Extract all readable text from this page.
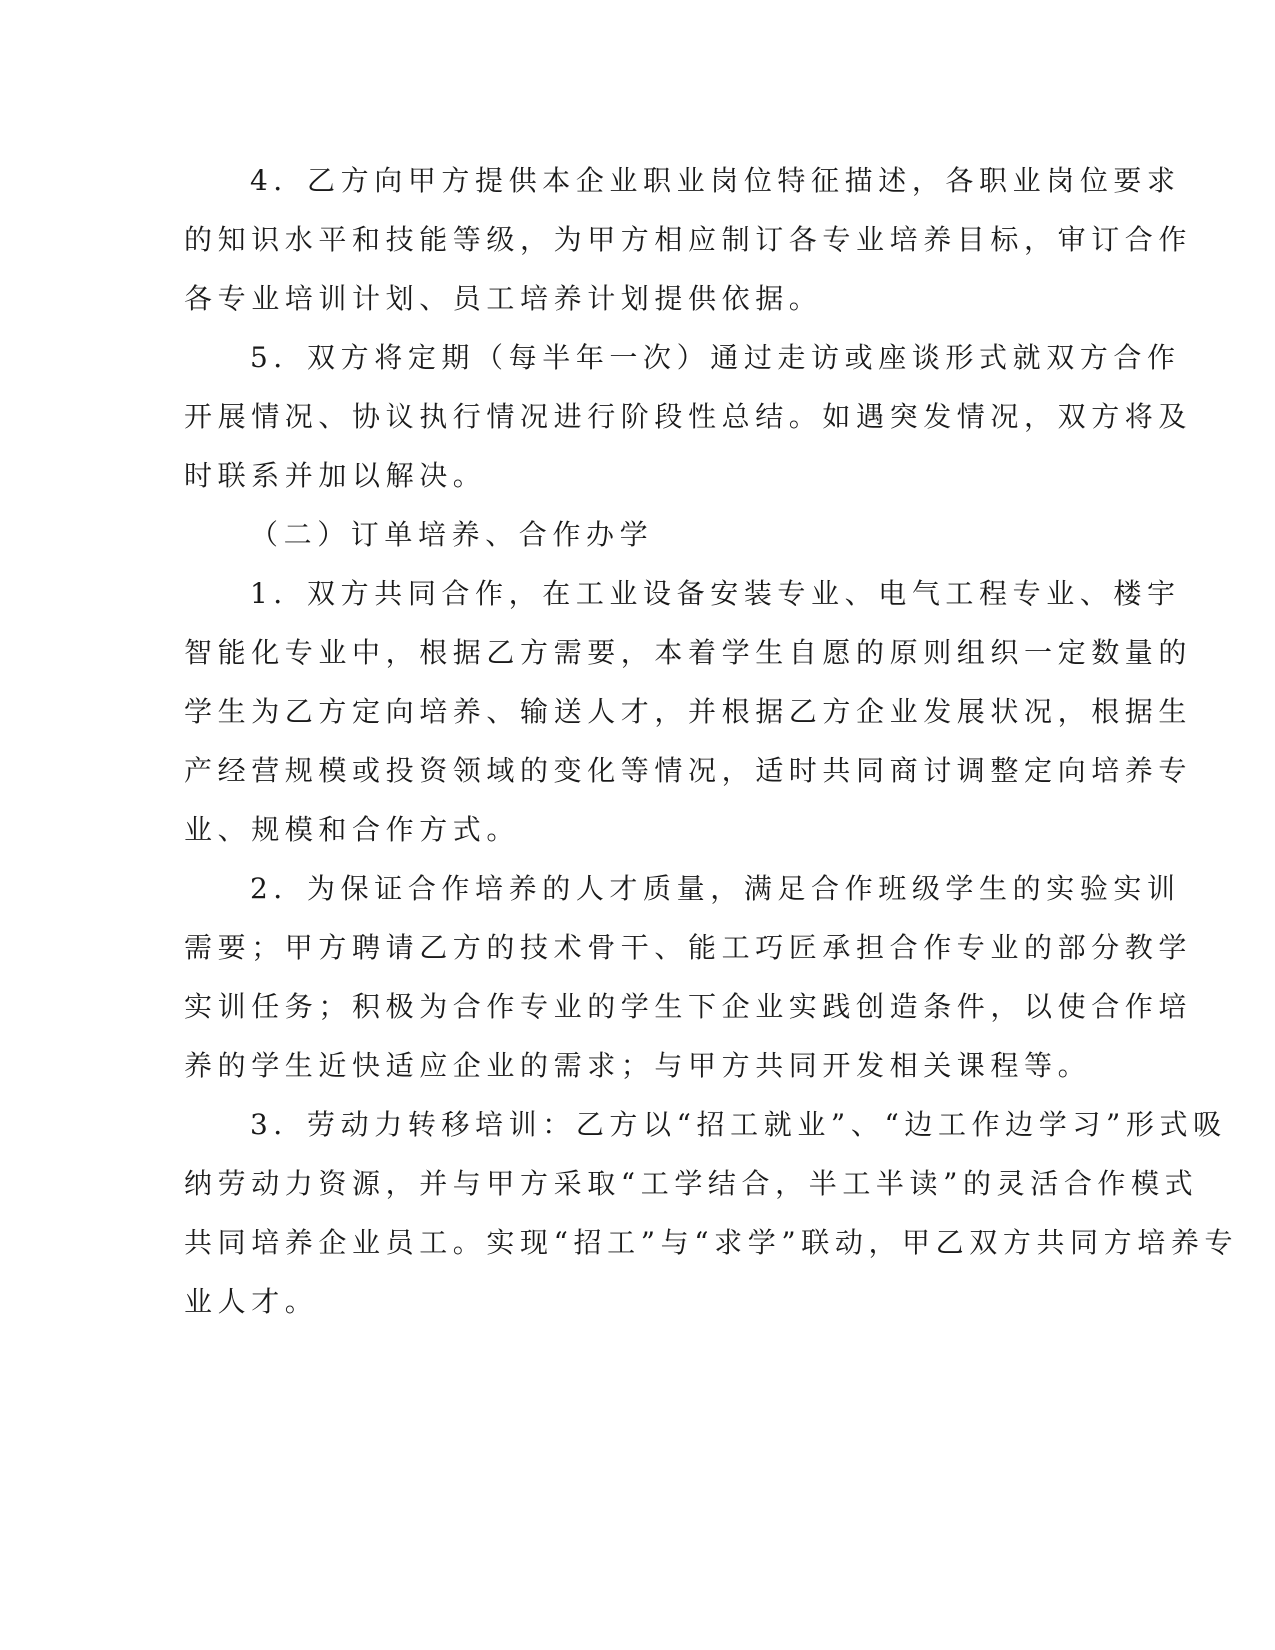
4．乙方向甲方提供本企业职业岗位特征描述，各职业岗位要求
的知识水平和技能等级，为甲方相应制订各专业培养目标，审订合作
各专业培训计划、员工培养计划提供依据。
5．双方将定期（每半年一次）通过走访或座谈形式就双方合作
开展情况、协议执行情况进行阶段性总结。如遇突发情况，双方将及
时联系并加以解决。
（二）订单培养、合作办学
1．双方共同合作，在工业设备安装专业、电气工程专业、楼宇
智能化专业中，根据乙方需要，本着学生自愿的原则组织一定数量的
学生为乙方定向培养、输送人才，并根据乙方企业发展状况，根据生
产经营规模或投资领域的变化等情况，适时共同商讨调整定向培养专
业、规模和合作方式。
2．为保证合作培养的人才质量，满足合作班级学生的实验实训
需要；甲方聘请乙方的技术骨干、能工巧匠承担合作专业的部分教学
实训任务；积极为合作专业的学生下企业实践创造条件，以使合作培
养的学生近快适应企业的需求；与甲方共同开发相关课程等。
3．劳动力转移培训：乙方以“招工就业”、“边工作边学习”形式吸
纳劳动力资源，并与甲方采取“工学结合，半工半读”的灵活合作模式
共同培养企业员工。实现“招工”与“求学”联动，甲乙双方共同方培养专
业人才。
